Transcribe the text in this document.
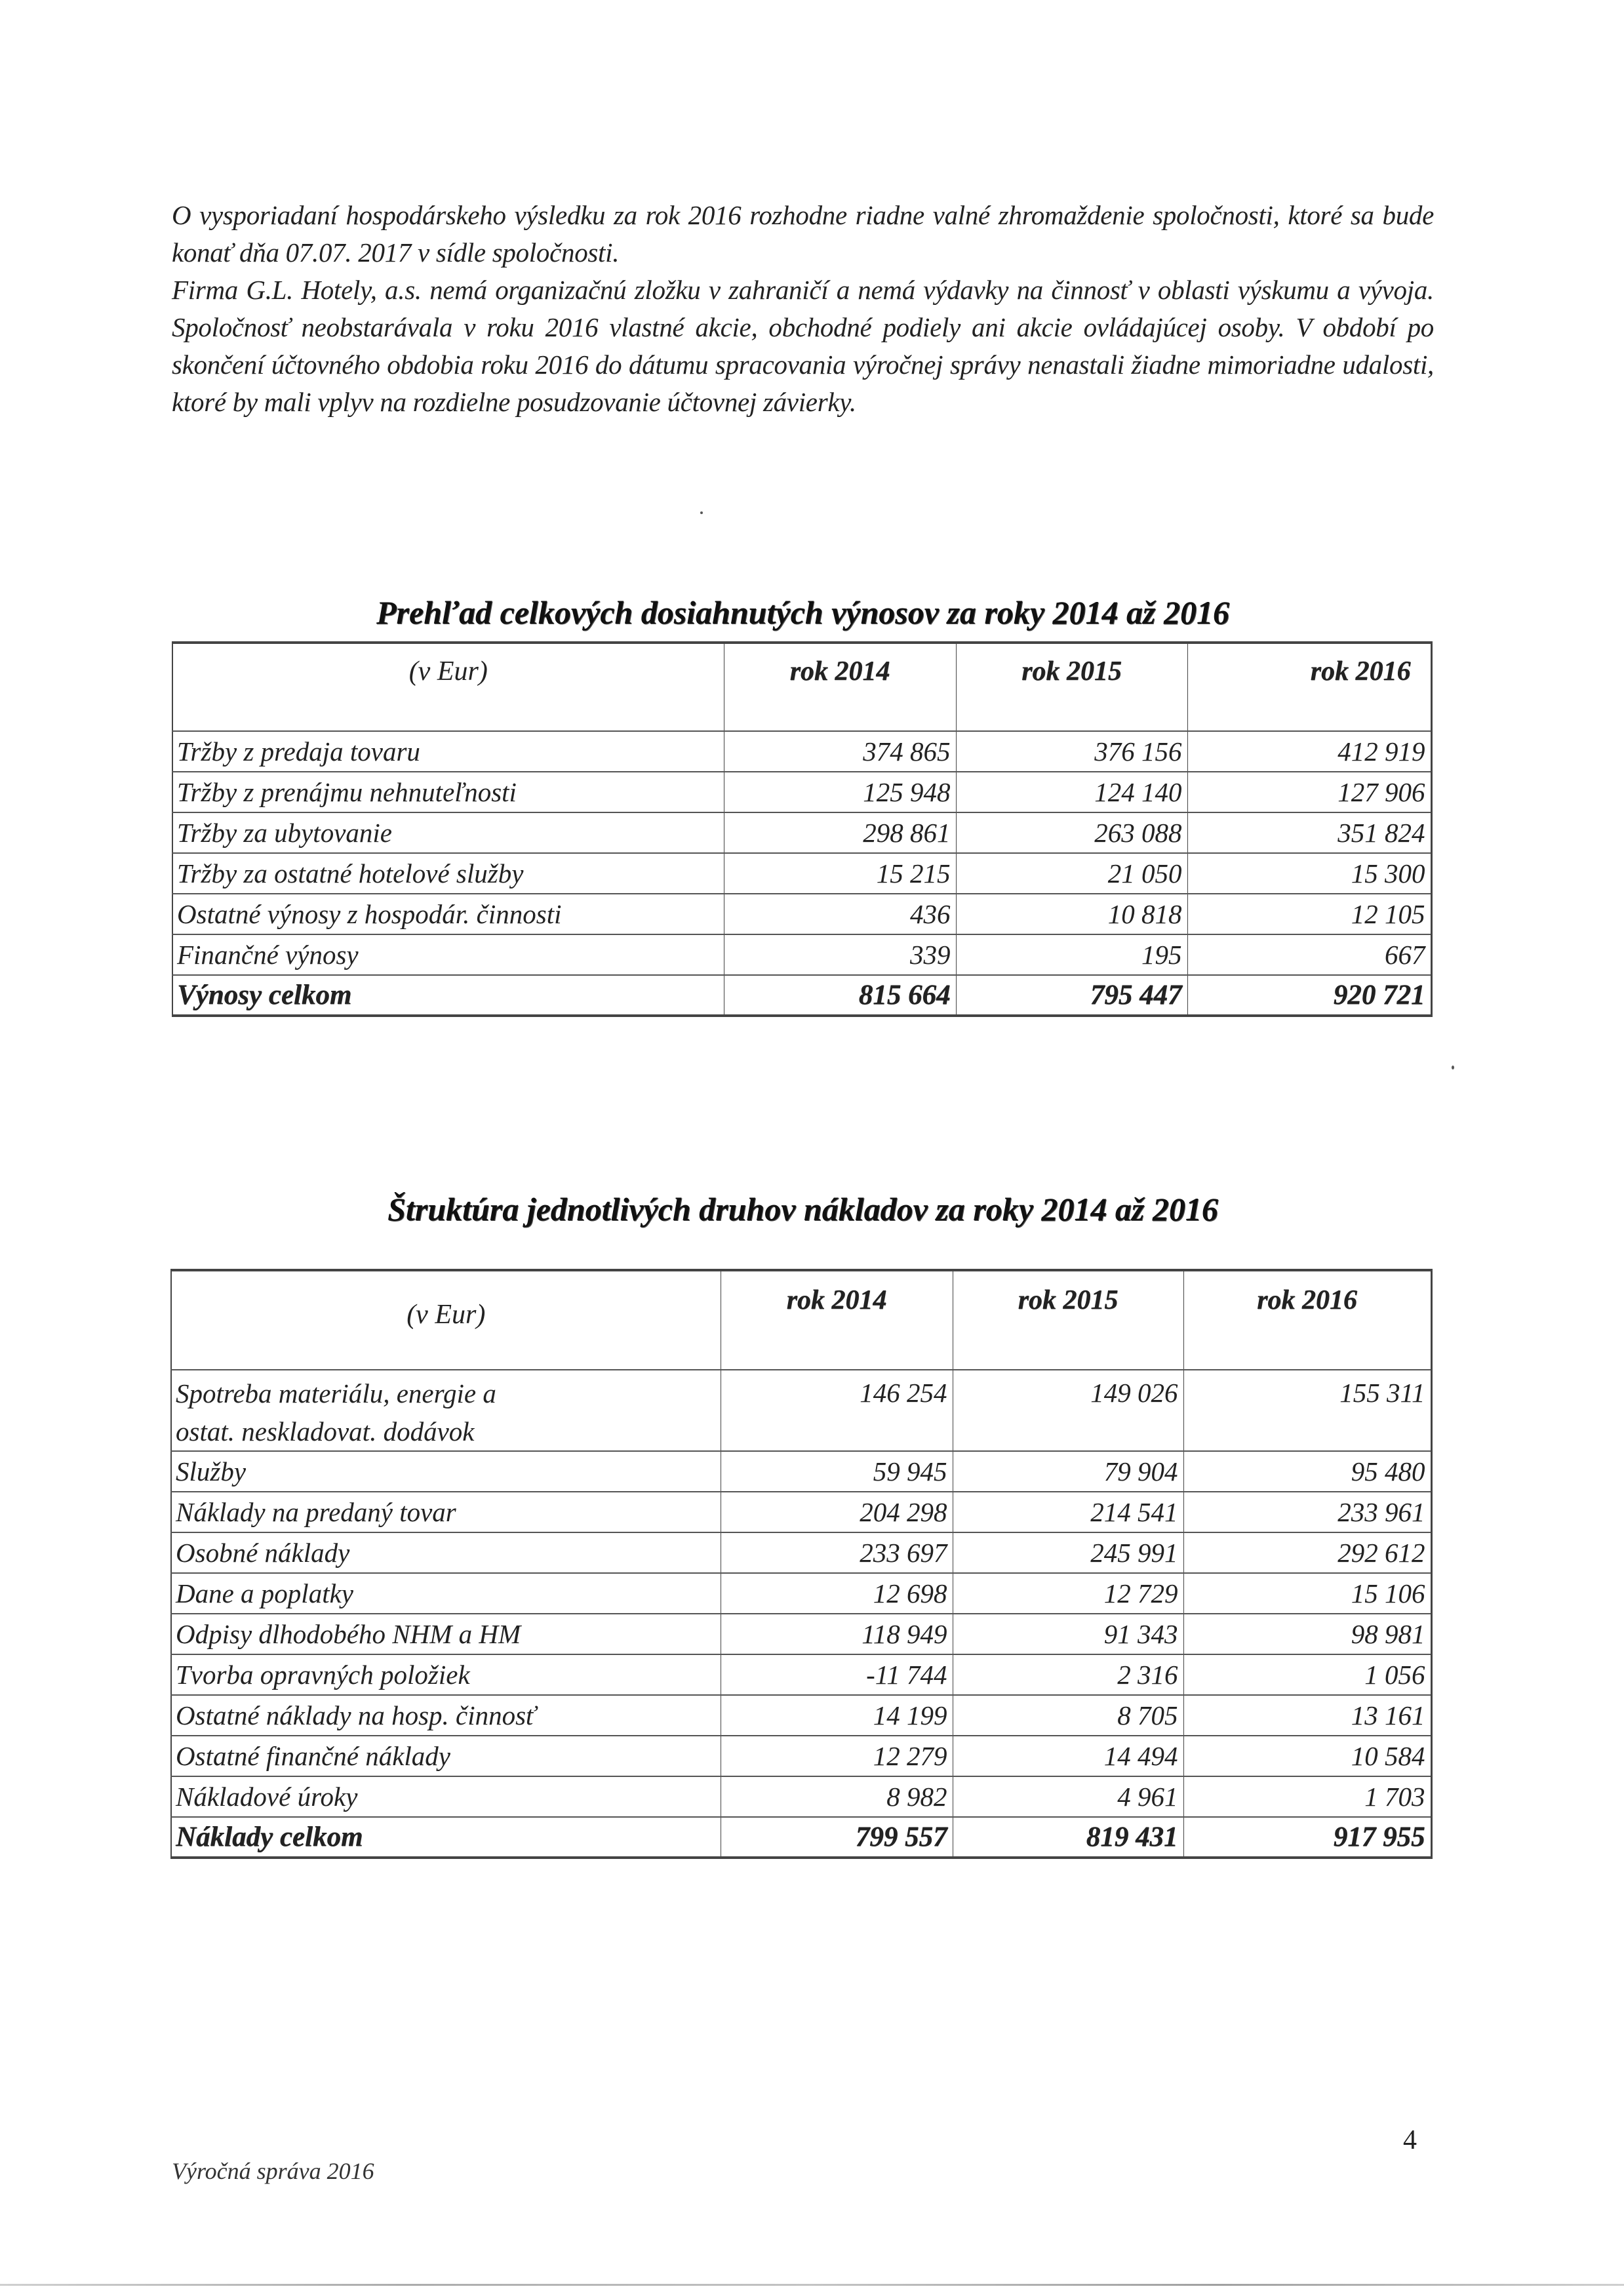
O vysporiadaní hospodárskeho výsledku za rok 2016 rozhodne riadne valné zhromaždenie spoločnosti, ktoré sa bude konať dňa 07.07. 2017 v sídle spoločnosti.

Firma G.L. Hotely, a.s. nemá organizačnú zložku v zahraničí a nemá výdavky na činnosť v oblasti výskumu a vývoja. Spoločnosť neobstarávala v roku 2016 vlastné akcie, obchodné podiely ani akcie ovládajúcej osoby. V období po skončení účtovného obdobia roku 2016 do dátumu spracovania výročnej správy nenastali žiadne mimoriadne udalosti, ktoré by mali vplyv na rozdielne posudzovanie účtovnej závierky.

Prehľad celkových dosiahnutých výnosov za roky 2014 až 2016
(v Eur)	rok 2014	rok 2015	rok 2016
Tržby z predaja tovaru	374 865	376 156	412 919
Tržby z prenájmu nehnuteľnosti	125 948	124 140	127 906
Tržby za ubytovanie	298 861	263 088	351 824
Tržby za ostatné hotelové služby	15 215	21 050	15 300
Ostatné výnosy z hospodár. činnosti	436	10 818	12 105
Finančné výnosy	339	195	667
Výnosy celkom	815 664	795 447	920 721
Štruktúra jednotlivých druhov nákladov za roky 2014 až 2016
(v Eur)	rok 2014	rok 2015	rok 2016

Spotreba materiálu, energie a
ostat. neskladovat. dodávok	146 254	149 026	155 311
Služby	59 945	79 904	95 480
Náklady na predaný tovar	204 298	214 541	233 961
Osobné náklady	233 697	245 991	292 612
Dane a poplatky	12 698	12 729	15 106
Odpisy dlhodobého NHM a HM	118 949	91 343	98 981
Tvorba opravných položiek	-11 744	2 316	1 056
Ostatné náklady na hosp. činnosť	14 199	8 705	13 161
Ostatné finančné náklady	12 279	14 494	10 584
Nákladové úroky	8 982	4 961	1 703
Náklady celkom	799 557	819 431	917 955
4
Výročná správa 2016
